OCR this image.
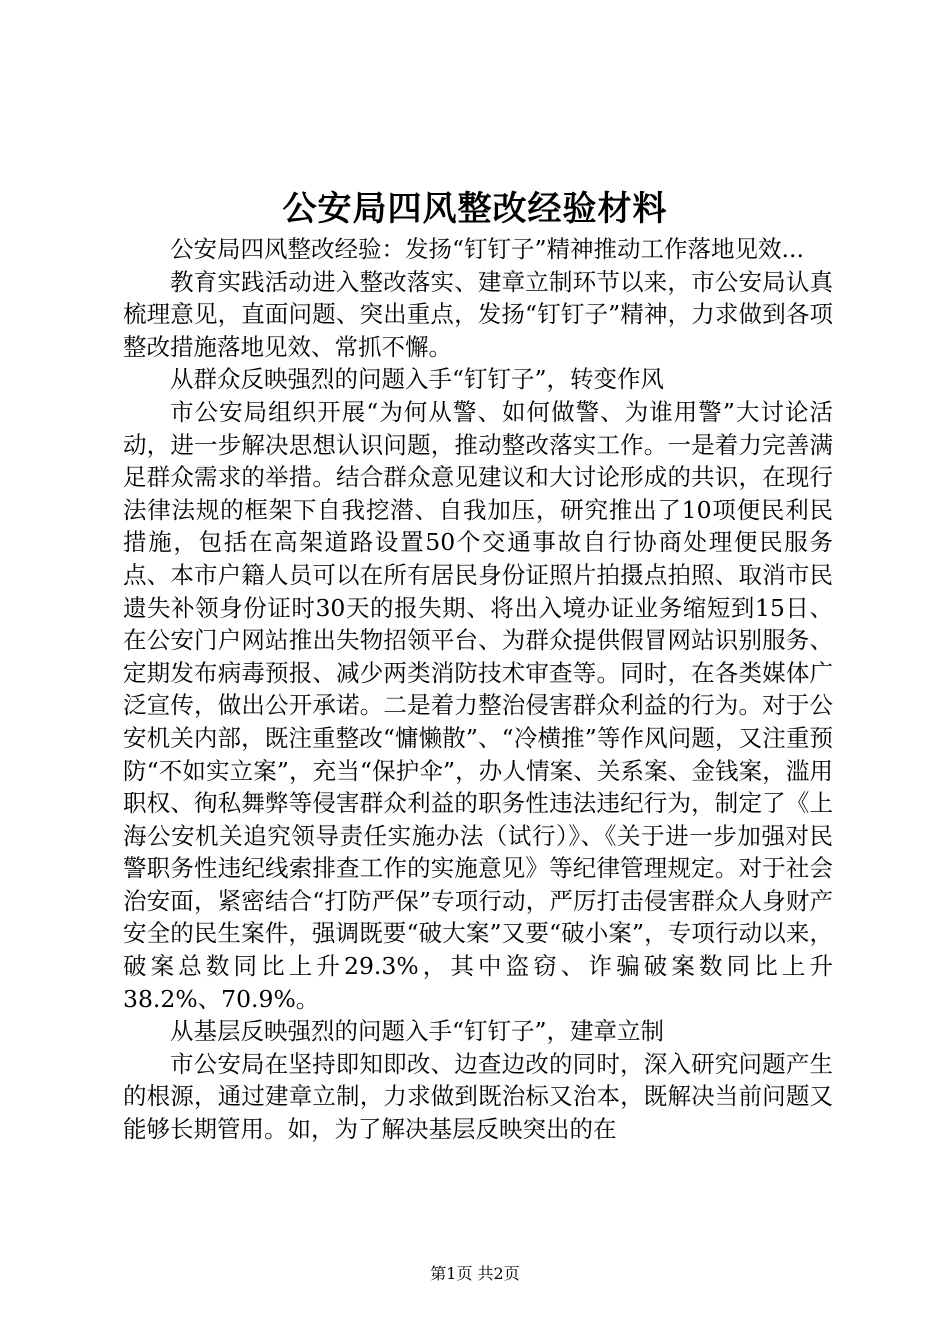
公安局四风整改经验材料

公安局四风整改经验：发扬“钉钉子”精神推动工作落地见效...

教育实践活动进入整改落实、建章立制环节以来，市公安局认真梳理意见，直面问题、突出重点，发扬“钉钉子”精神，力求做到各项整改措施落地见效、常抓不懈。

从群众反映强烈的问题入手“钉钉子”，转变作风

市公安局组织开展“为何从警、如何做警、为谁用警”大讨论活动，进一步解决思想认识问题，推动整改落实工作。一是着力完善满足群众需求的举措。结合群众意见建议和大讨论形成的共识，在现行法律法规的框架下自我挖潜、自我加压，研究推出了10项便民利民措施，包括在高架道路设置50个交通事故自行协商处理便民服务点、本市户籍人员可以在所有居民身份证照片拍摄点拍照、取消市民遗失补领身份证时30天的报失期、将出入境办证业务缩短到15日、在公安门户网站推出失物招领平台、为群众提供假冒网站识别服务、定期发布病毒预报、减少两类消防技术审查等。同时，在各类媒体广泛宣传，做出公开承诺。二是着力整治侵害群众利益的行为。对于公安机关内部，既注重整改“慵懒散”、“冷横推”等作风问题，又注重预防“不如实立案”，充当“保护伞”，办人情案、关系案、金钱案，滥用职权、徇私舞弊等侵害群众利益的职务性违法违纪行为，制定了《上海公安机关追究领导责任实施办法（试行）》、《关于进一步加强对民警职务性违纪线索排查工作的实施意见》等纪律管理规定。对于社会治安面，紧密结合“打防严保”专项行动，严厉打击侵害群众人身财产安全的民生案件，强调既要“破大案”又要“破小案”，专项行动以来，破案总数同比上升29.3%，其中盗窃、诈骗破案数同比上升38.2%、70.9%。

从基层反映强烈的问题入手“钉钉子”，建章立制

市公安局在坚持即知即改、边查边改的同时，深入研究问题产生的根源，通过建章立制，力求做到既治标又治本，既解决当前问题又能够长期管用。如，为了解决基层反映突出的在

第1页 共2页
